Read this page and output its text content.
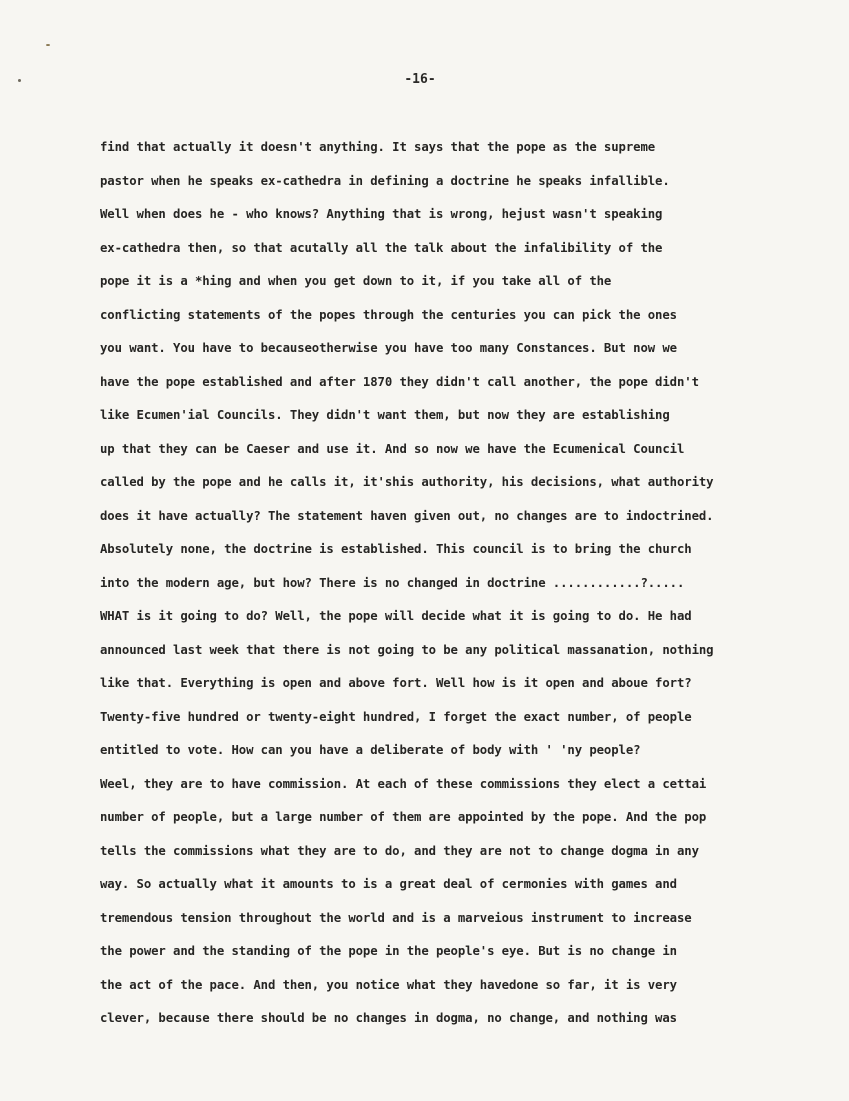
-16-
find that actually it doesn't anything. It says that the pope as the supreme
pastor when he speaks ex-cathedra in defining a doctrine he speaks infallible.
Well when does he - who knows? Anything that is wrong, hejust wasn't speaking
ex-cathedra then, so that acutally all the talk about the infalibility of the
pope it is a *hing and when you get down to it, if you take all of the
conflicting statements of the popes through the centuries you can pick the ones
you want. You have to becauseotherwise you have too many Constances. But now we
have the pope established and after 1870 they didn't call another, the pope didn't
like Ecumen'ial Councils. They didn't want them, but now they are establishing
up that they can be Caeser and use it. And so now we have the Ecumenical Council
called by the pope and he calls it, it'shis authority, his decisions, what authority
does it have actually? The statement haven given out, no changes are to indoctrined.
Absolutely none, the doctrine is established. This council is to bring the church
into the modern age, but how? There is no changed in doctrine ............?.....
WHAT is it going to do? Well, the pope will decide what it is going to do. He had
announced last week that there is not going to be any political massanation, nothing
like that. Everything is open and above fort. Well how is it open and aboue fort?
Twenty-five hundred or twenty-eight hundred, I forget the exact number, of people
entitled to vote. How can you have a deliberate of body with ' 'ny people?
Weel, they are to have commission. At each of these commissions they elect a cettai
number of people, but a large number of them are appointed by the pope. And the pop
tells the commissions what they are to do, and they are not to change dogma in any
way. So actually what it amounts to is a great deal of cermonies with games and
tremendous tension throughout the world and is a marveious instrument to increase
the power and the standing of the pope in the people's eye. But is no change in
the act of the pace. And then, you notice what they havedone so far, it is very
clever, because there should be no changes in dogma, no change, and nothing was
